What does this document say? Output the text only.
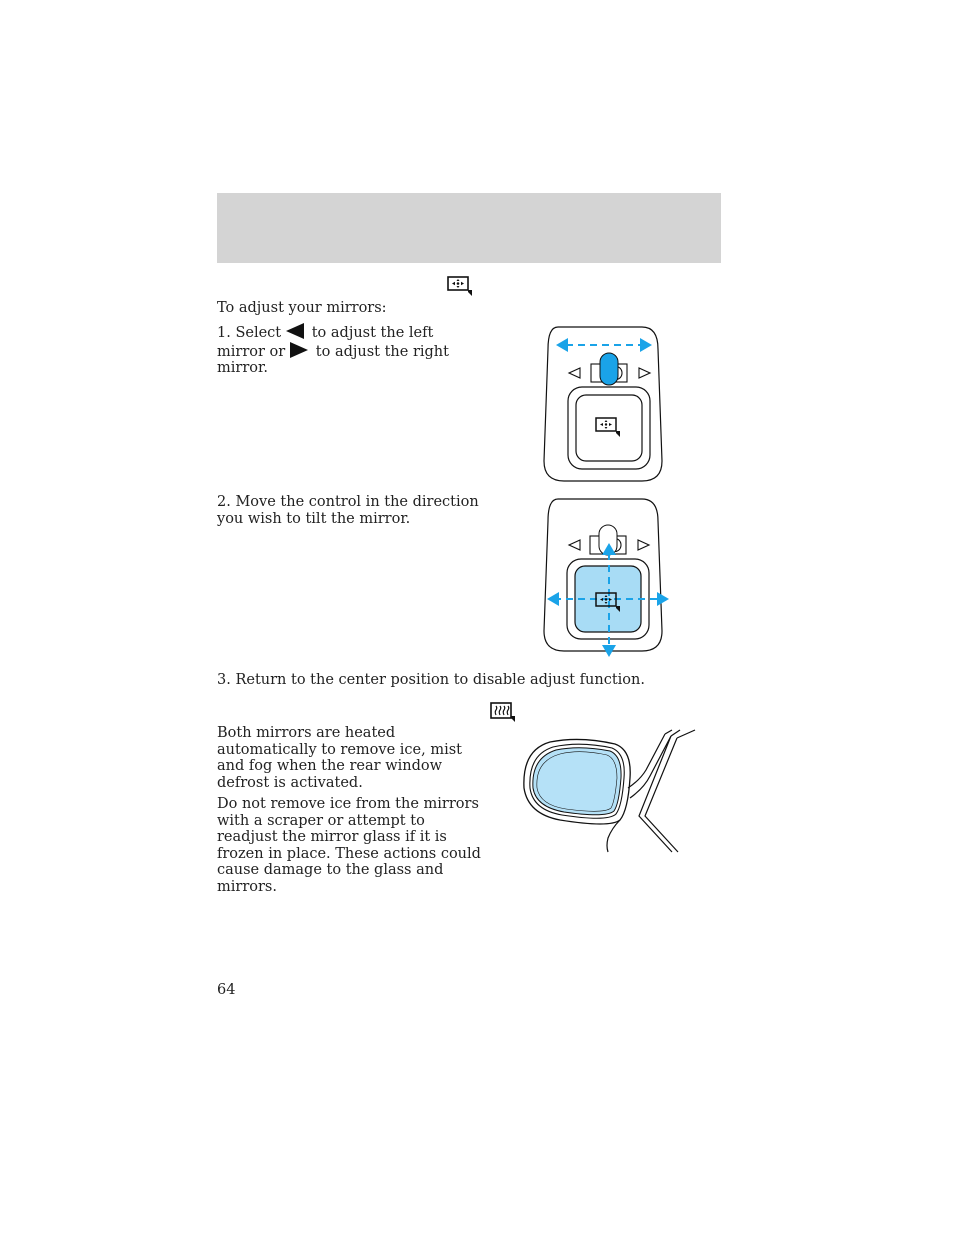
To adjust your mirrors:
1. Select to adjust the left
mirror or to adjust the right
mirror.
2. Move the control in the direction
you wish to tilt the mirror.
3. Return to the center position to disable adjust function.
Both mirrors are heated
automatically to remove ice, mist
and fog when the rear window
defrost is activated.
Do not remove ice from the mirrors
with a scraper or attempt to
readjust the mirror glass if it is
frozen in place. These actions could
cause damage to the glass and
mirrors.
64
